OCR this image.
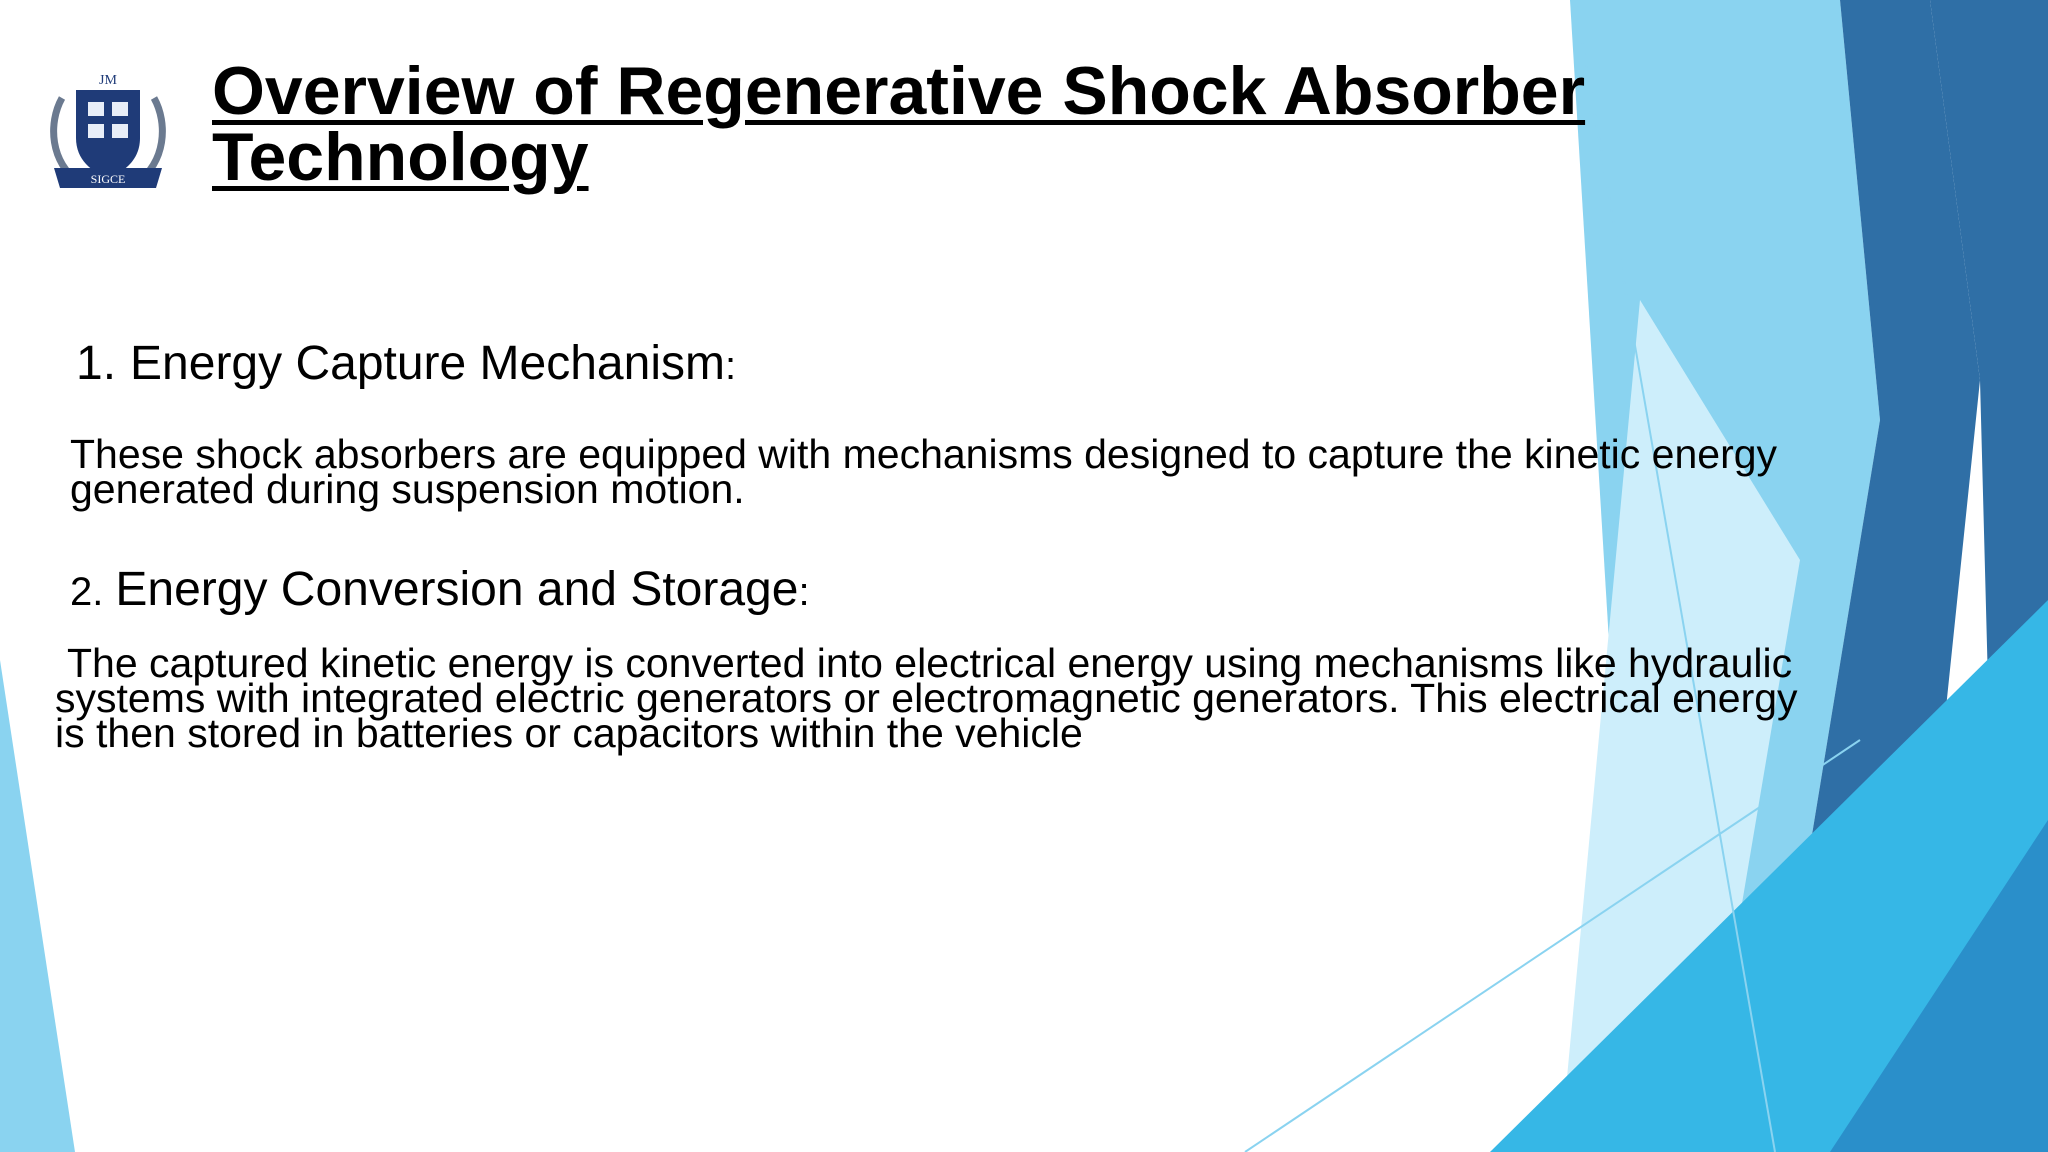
JM
SIGCE
Overview of Regenerative Shock Absorber Technology
1. Energy Capture Mechanism:
These shock absorbers are equipped with mechanisms designed to capture the kinetic energy
generated during suspension motion.
2. Energy Conversion and Storage:
The captured kinetic energy is converted into electrical energy using mechanisms like hydraulic
systems with integrated electric generators or electromagnetic generators. This electrical energy
is then stored in batteries or capacitors within the vehicle
